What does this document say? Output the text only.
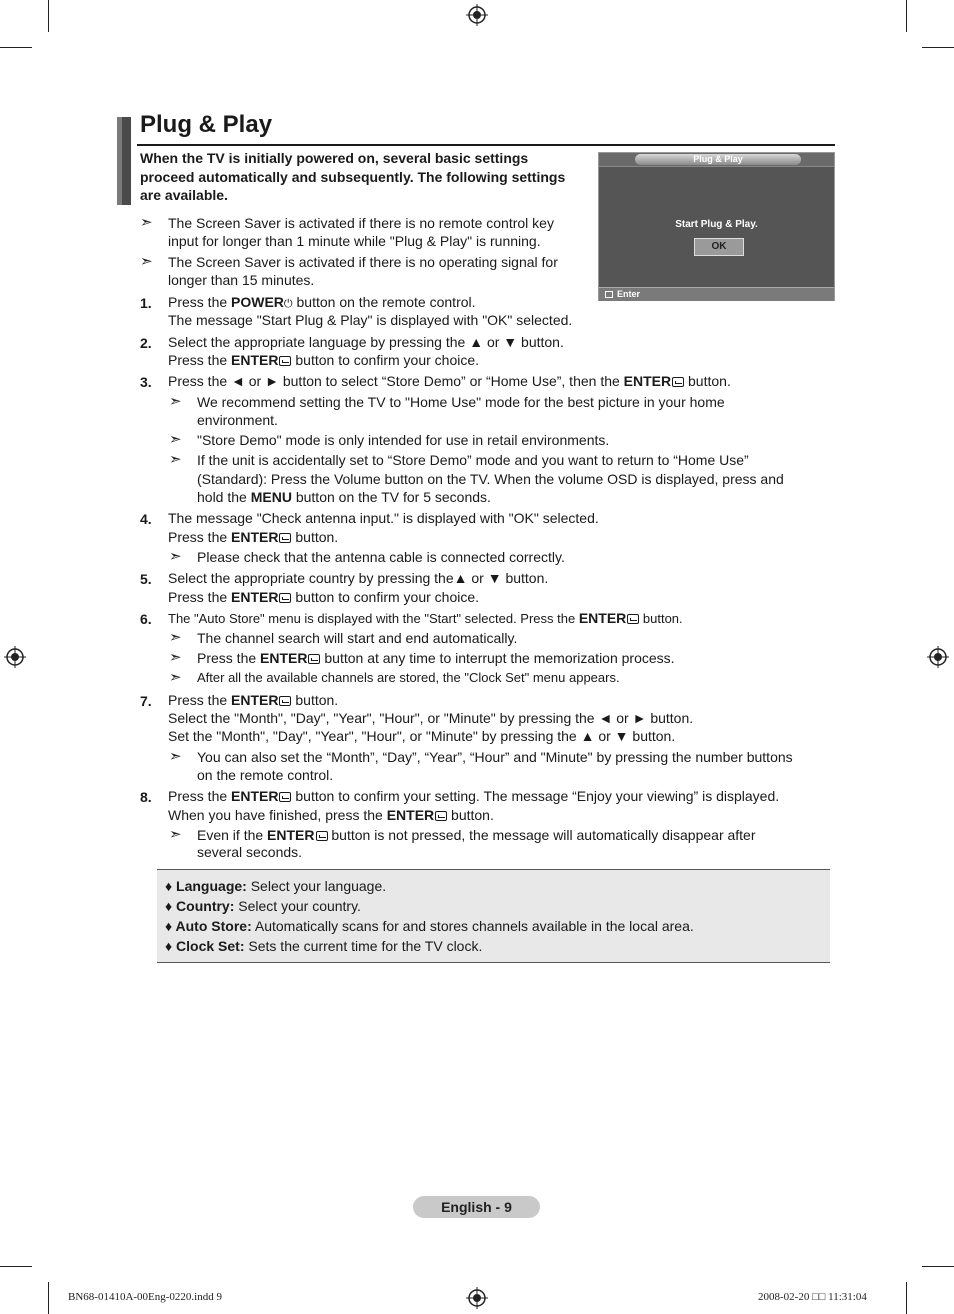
Plug & Play
When the TV is initially powered on, several basic settings proceed automatically and subsequently. The following settings are available.
Plug & Play
Start Plug & Play.
OK
Enter
➣ The Screen Saver is activated if there is no remote control key
input for longer than 1 minute while "Plug & Play" is running.
➣ The Screen Saver is activated if there is no operating signal for
longer than 15 minutes.
1. Press the POWER⏻ button on the remote control.
The message "Start Plug & Play" is displayed with "OK" selected.
2. Select the appropriate language by pressing the ▲ or ▼ button.
Press the ENTER button to confirm your choice.
3. Press the ◄ or ► button to select “Store Demo” or “Home Use”, then the ENTER button.
➣ We recommend setting the TV to "Home Use" mode for the best picture in your home
environment.
➣ "Store Demo" mode is only intended for use in retail environments.
➣ If the unit is accidentally set to “Store Demo” mode and you want to return to “Home Use”
(Standard): Press the Volume button on the TV. When the volume OSD is displayed, press and
hold the MENU button on the TV for 5 seconds.
4. The message "Check antenna input." is displayed with "OK" selected.
Press the ENTER button.
➣ Please check that the antenna cable is connected correctly.
5. Select the appropriate country by pressing the▲ or ▼ button.
Press the ENTER button to confirm your choice.
6. The "Auto Store" menu is displayed with the "Start" selected. Press the ENTER button.
➣ The channel search will start and end automatically.
➣ Press the ENTER button at any time to interrupt the memorization process.
➣ After all the available channels are stored, the "Clock Set" menu appears.
7. Press the ENTER button.
Select the "Month", "Day", "Year", "Hour", or "Minute" by pressing the ◄ or ► button.
Set the "Month", "Day", "Year", "Hour", or "Minute" by pressing the ▲ or ▼ button.
➣ You can also set the “Month”, “Day”, “Year”, “Hour” and "Minute" by pressing the number buttons
on the remote control.
8. Press the ENTER button to confirm your setting. The message “Enjoy your viewing” is displayed.
When you have finished, press the ENTER button.
➣ Even if the ENTER button is not pressed, the message will automatically disappear after
several seconds.
♦ Language: Select your language.
♦ Country: Select your country.
♦ Auto Store: Automatically scans for and stores channels available in the local area.
♦ Clock Set: Sets the current time for the TV clock.
English - 9
BN68-01410A-00Eng-0220.indd 9	2008-02-20 □□ 11:31:04
